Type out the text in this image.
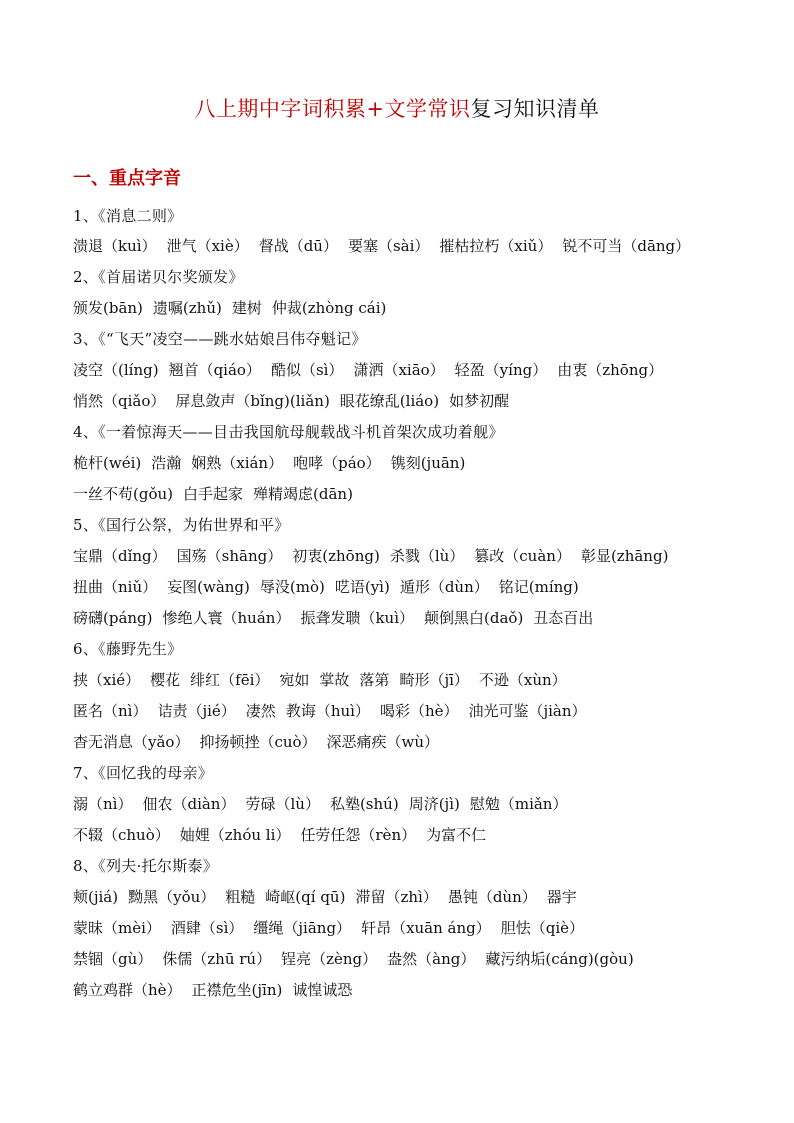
八上期中字词积累+文学常识复习知识清单
一、重点字音
1、《消息二则》
溃退（kuì） 泄气（xiè） 督战（dū） 要塞（sài） 摧枯拉朽（xiǔ） 锐不可当（dāng）
2、《首届诺贝尔奖颁发》
颁发(bān) 遗嘱(zhǔ) 建树 仲裁(zhòng cái)
3、《“飞天”凌空——跳水姑娘吕伟夺魁记》
凌空（(líng) 翘首（qiáo） 酷似（sì） 潇洒（xiāo） 轻盈（yíng） 由衷（zhōng）
悄然（qiǎo） 屏息敛声（bǐng)(liǎn) 眼花缭乱(liáo) 如梦初醒
4、《一着惊海天——目击我国航母舰载战斗机首架次成功着舰》
桅杆(wéi) 浩瀚 娴熟（xián） 咆哮（páo） 镌刻(juān)
一丝不苟(gǒu) 白手起家 殚精竭虑(dān)
5、《国行公祭，为佑世界和平》
宝鼎（dǐng） 国殇（shāng） 初衷(zhōng) 杀戮（lù） 篡改（cuàn） 彰显(zhāng)
扭曲（niǔ） 妄图(wàng) 辱没(mò) 呓语(yì) 遁形（dùn） 铭记(míng)
磅礴(páng) 惨绝人寰（huán） 振聋发聩（kuì） 颠倒黑白(daǒ) 丑态百出
6、《藤野先生》
挟（xié） 樱花 绯红（fēi） 宛如 掌故 落第 畸形（jī） 不逊（xùn）
匿名（nì） 诘责（jié） 凄然 教诲（huì） 喝彩（hè） 油光可鉴（jiàn）
杳无消息（yǎo） 抑扬顿挫（cuò） 深恶痛疾（wù）
7、《回忆我的母亲》
溺（nì） 佃农（diàn） 劳碌（lù） 私塾(shú) 周济(jì) 慰勉（miǎn）
不辍（chuò） 妯娌（zhóu li） 任劳任怨（rèn） 为富不仁
8、《列夫·托尔斯泰》
颊(jiá) 黝黑（yǒu） 粗糙 崎岖(qí qū) 滞留（zhì） 愚钝（dùn） 器宇
蒙昧（mèi） 酒肆（sì） 缰绳（jiāng） 轩昂（xuān áng） 胆怯（qiè）
禁锢（gù） 侏儒（zhū rú） 锃亮（zèng） 盎然（àng） 藏污纳垢(cáng)(gòu)
鹤立鸡群（hè） 正襟危坐(jīn) 诚惶诚恐
